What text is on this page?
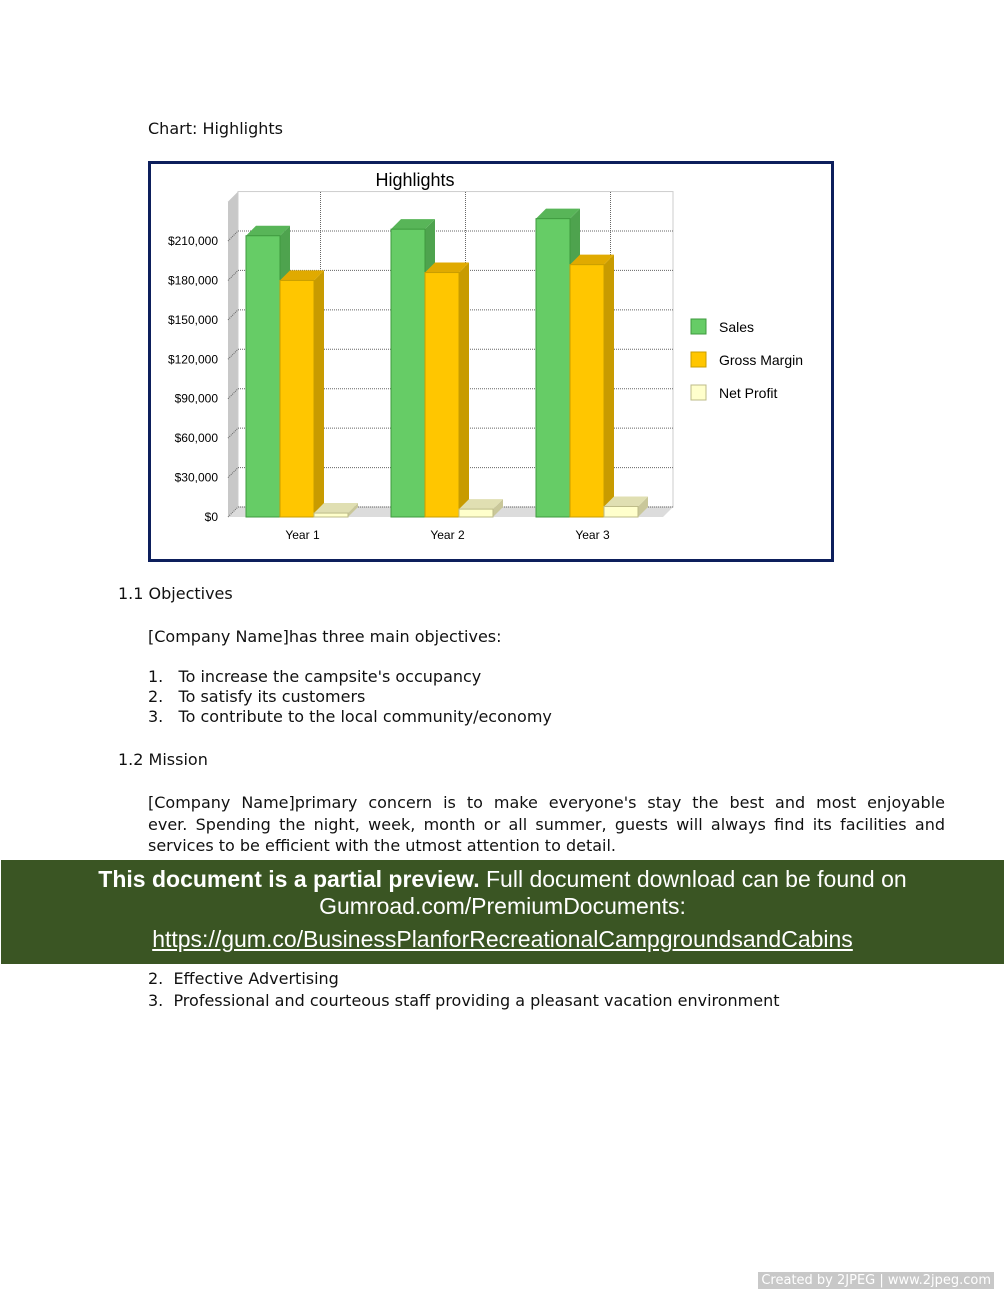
Chart: Highlights
Highlights
$0
$30,000
$60,000
$90,000
$120,000
$150,000
$180,000
$210,000
Year 1	Year 2	Year 3
Sales
Gross Margin
Net Profit
1.1 Objectives
[Company Name]has three main objectives:
1.   To increase the campsite's occupancy
2.   To satisfy its customers
3.   To contribute to the local community/economy
1.2 Mission
[Company Name]primary concern is to make everyone's stay the best and most enjoyable
ever. Spending the night, week, month or all summer, guests will always find its facilities and
services to be efficient with the utmost attention to detail.
2.  Effective Advertising
3.  Professional and courteous staff providing a pleasant vacation environment
This document is a partial preview. Full document download can be found on
Gumroad.com/PremiumDocuments:
https://gum.co/BusinessPlanforRecreationalCampgroundsandCabins
Created by 2JPEG | www.2jpeg.com
